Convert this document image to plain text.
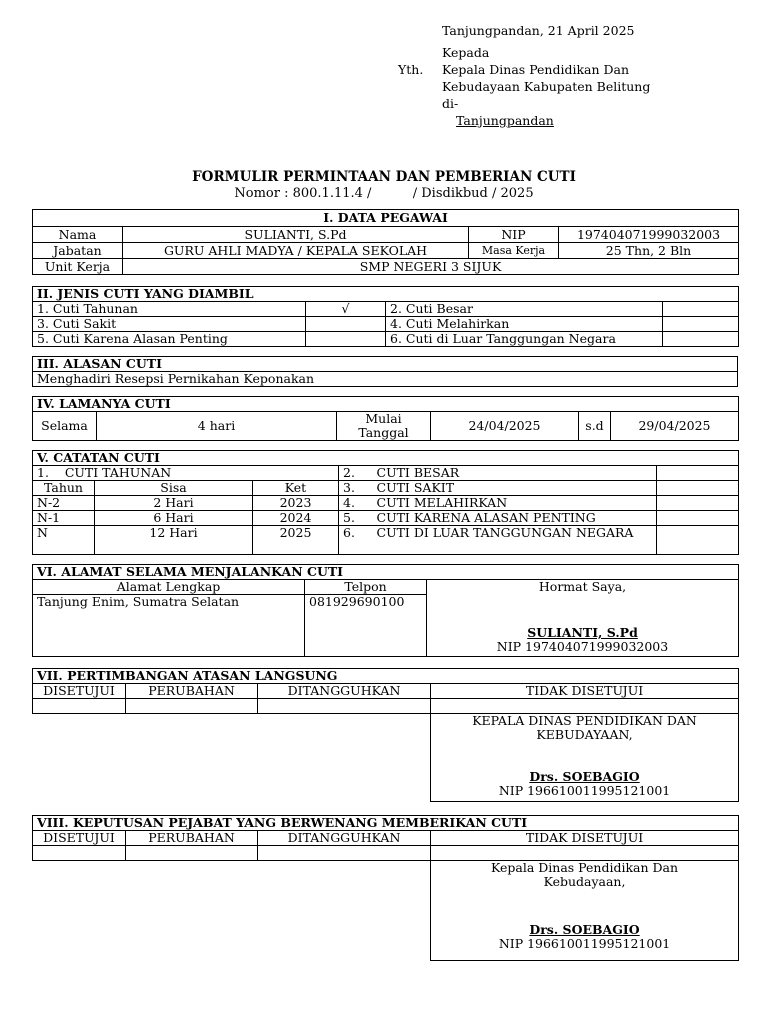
Tanjungpandan, 21 April 2025
Yth.
Kepada
Kepala Dinas Pendidikan Dan
Kebudayaan Kabupaten Belitung
di-
Tanjungpandan
FORMULIR PERMINTAAN DAN PEMBERIAN CUTI
Nomor : 800.1.11.4 /          / Disdikbud / 2025
I. DATA PEGAWAI			
Nama	SULIANTI, S.Pd	NIP	197404071999032003
Jabatan	GURU AHLI MADYA / KEPALA SEKOLAH	Masa Kerja	25 Thn, 2 Bln
Unit Kerja	SMP NEGERI 3 SIJUK		
II. JENIS CUTI YANG DIAMBIL			
1. Cuti Tahunan	√	2. Cuti Besar	
3. Cuti Sakit		4. Cuti Melahirkan	
5. Cuti Karena Alasan Penting		6. Cuti di Luar Tanggungan Negara	
III. ALASAN CUTI
Menghadiri Resepsi Pernikahan Keponakan
IV. LAMANYA CUTI
Selama	4 hari	Mulai Tanggal	24/04/2025	s.d	29/04/2025
V. CATATAN CUTI					
1.    CUTI TAHUNAN			2.	CUTI BESAR	
Tahun	Sisa	Ket	3.	CUTI SAKIT	
N-2	2 Hari	2023	4.	CUTI MELAHIRKAN	
N-1	6 Hari	2024	5.	CUTI KARENA ALASAN PENTING	
N	12 Hari	2025	6.	CUTI DI LUAR TANGGUNGAN NEGARA	
VI. ALAMAT SELAMA MENJALANKAN CUTI		
Alamat Lengkap	Telpon	Hormat Saya,
SULIANTI, S.Pd
NIP 197404071999032003

Tanjung Enim, Sumatra Selatan	081929690100	
VII. PERTIMBANGAN ATASAN LANGSUNG			
DISETUJUI	PERUBAHAN	DITANGGUHKAN	TIDAK DISETUJUI

			KEPALA DINAS PENDIDIKAN DAN KEBUDAYAAN,
Drs. SOEBAGIO
NIP 196610011995121001
VIII. KEPUTUSAN PEJABAT YANG BERWENANG MEMBERIKAN CUTI			
DISETUJUI	PERUBAHAN	DITANGGUHKAN	TIDAK DISETUJUI

			Kepala Dinas Pendidikan Dan Kebudayaan,
Drs. SOEBAGIO
NIP 196610011995121001
